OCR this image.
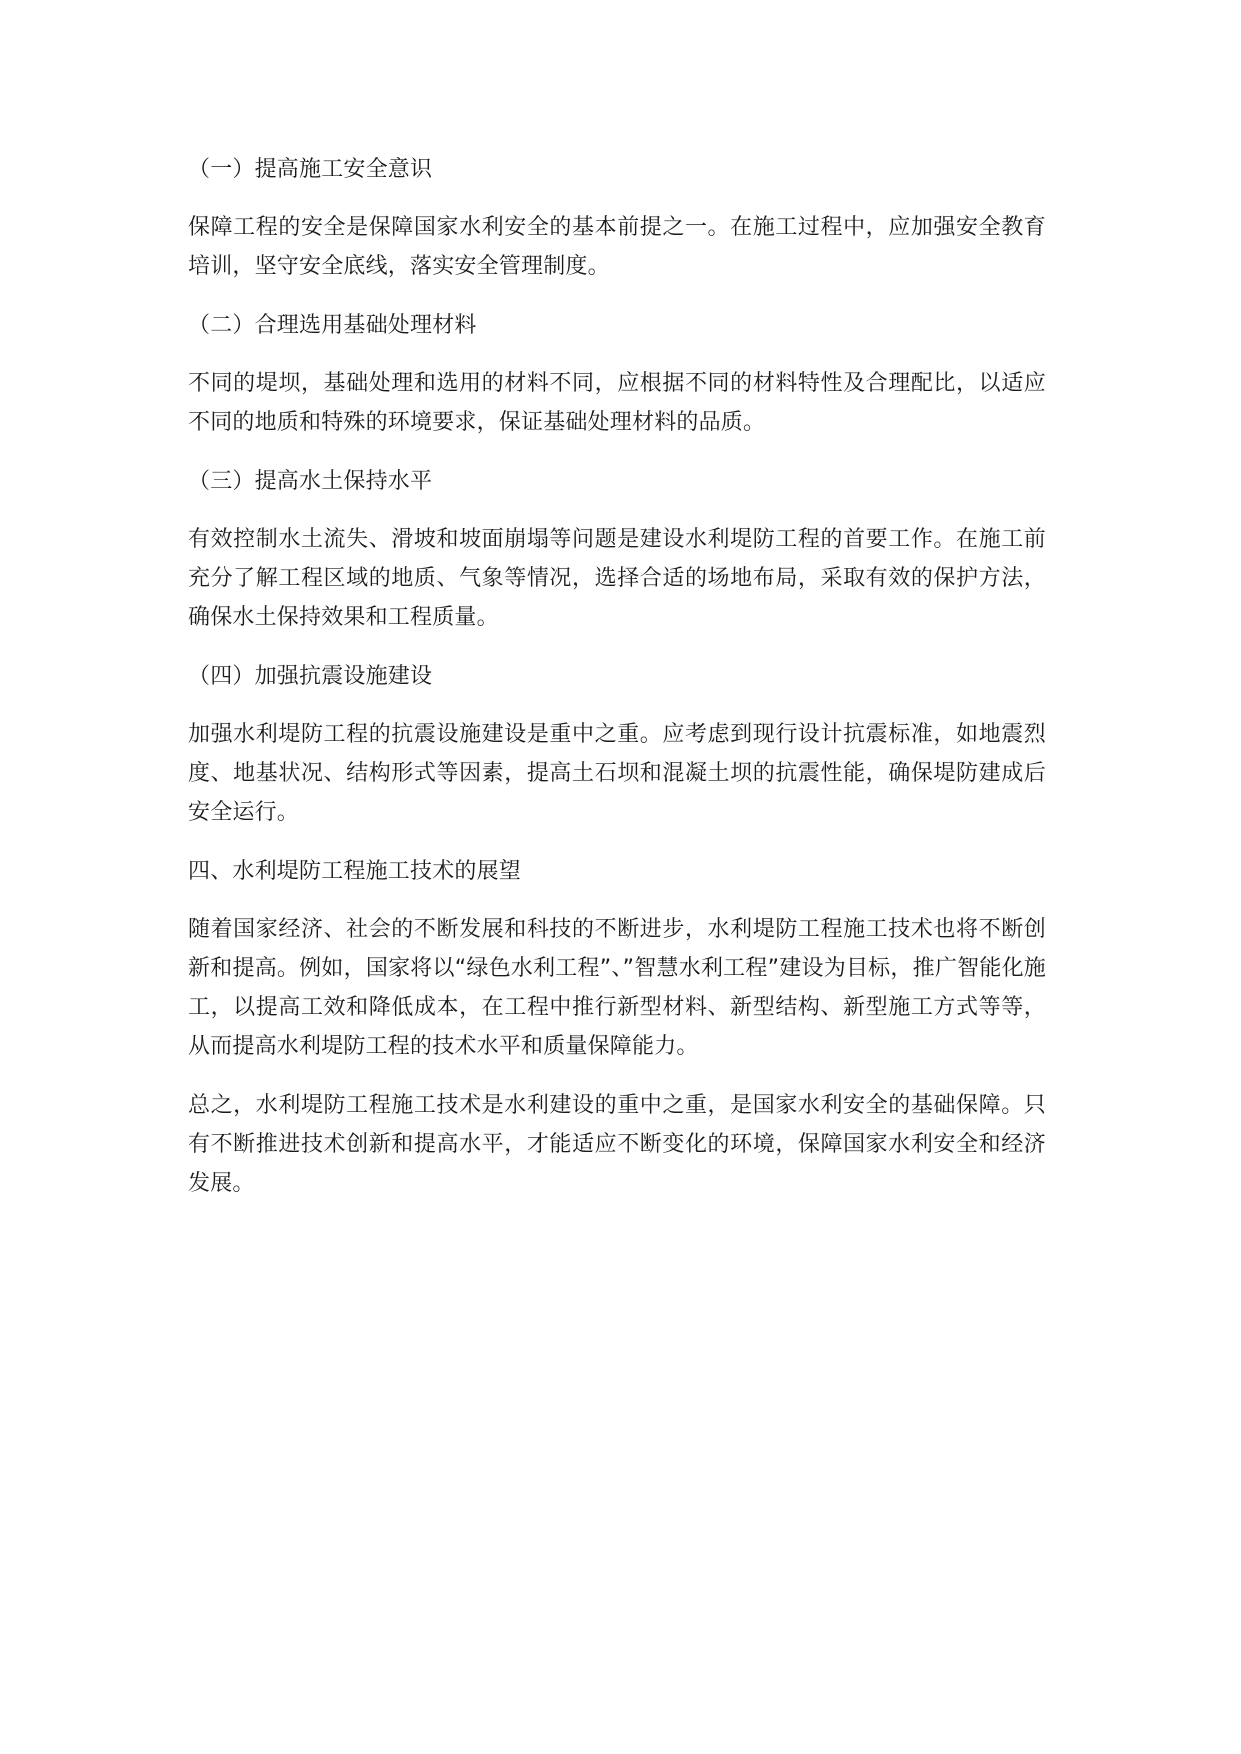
（一）提高施工安全意识

保障工程的安全是保障国家水利安全的基本前提之一。在施工过程中，应加强安全教育培训，坚守安全底线，落实安全管理制度。

（二）合理选用基础处理材料

不同的堤坝，基础处理和选用的材料不同，应根据不同的材料特性及合理配比，以适应不同的地质和特殊的环境要求，保证基础处理材料的品质。

（三）提高水土保持水平

有效控制水土流失、滑坡和坡面崩塌等问题是建设水利堤防工程的首要工作。在施工前充分了解工程区域的地质、气象等情况，选择合适的场地布局，采取有效的保护方法，确保水土保持效果和工程质量。

（四）加强抗震设施建设

加强水利堤防工程的抗震设施建设是重中之重。应考虑到现行设计抗震标准，如地震烈度、地基状况、结构形式等因素，提高土石坝和混凝土坝的抗震性能，确保堤防建成后安全运行。

四、水利堤防工程施工技术的展望

随着国家经济、社会的不断发展和科技的不断进步，水利堤防工程施工技术也将不断创新和提高。例如，国家将以“绿色水利工程”、”智慧水利工程”建设为目标，推广智能化施工，以提高工效和降低成本，在工程中推行新型材料、新型结构、新型施工方式等等，从而提高水利堤防工程的技术水平和质量保障能力。

总之，水利堤防工程施工技术是水利建设的重中之重，是国家水利安全的基础保障。只有不断推进技术创新和提高水平，才能适应不断变化的环境，保障国家水利安全和经济发展。
